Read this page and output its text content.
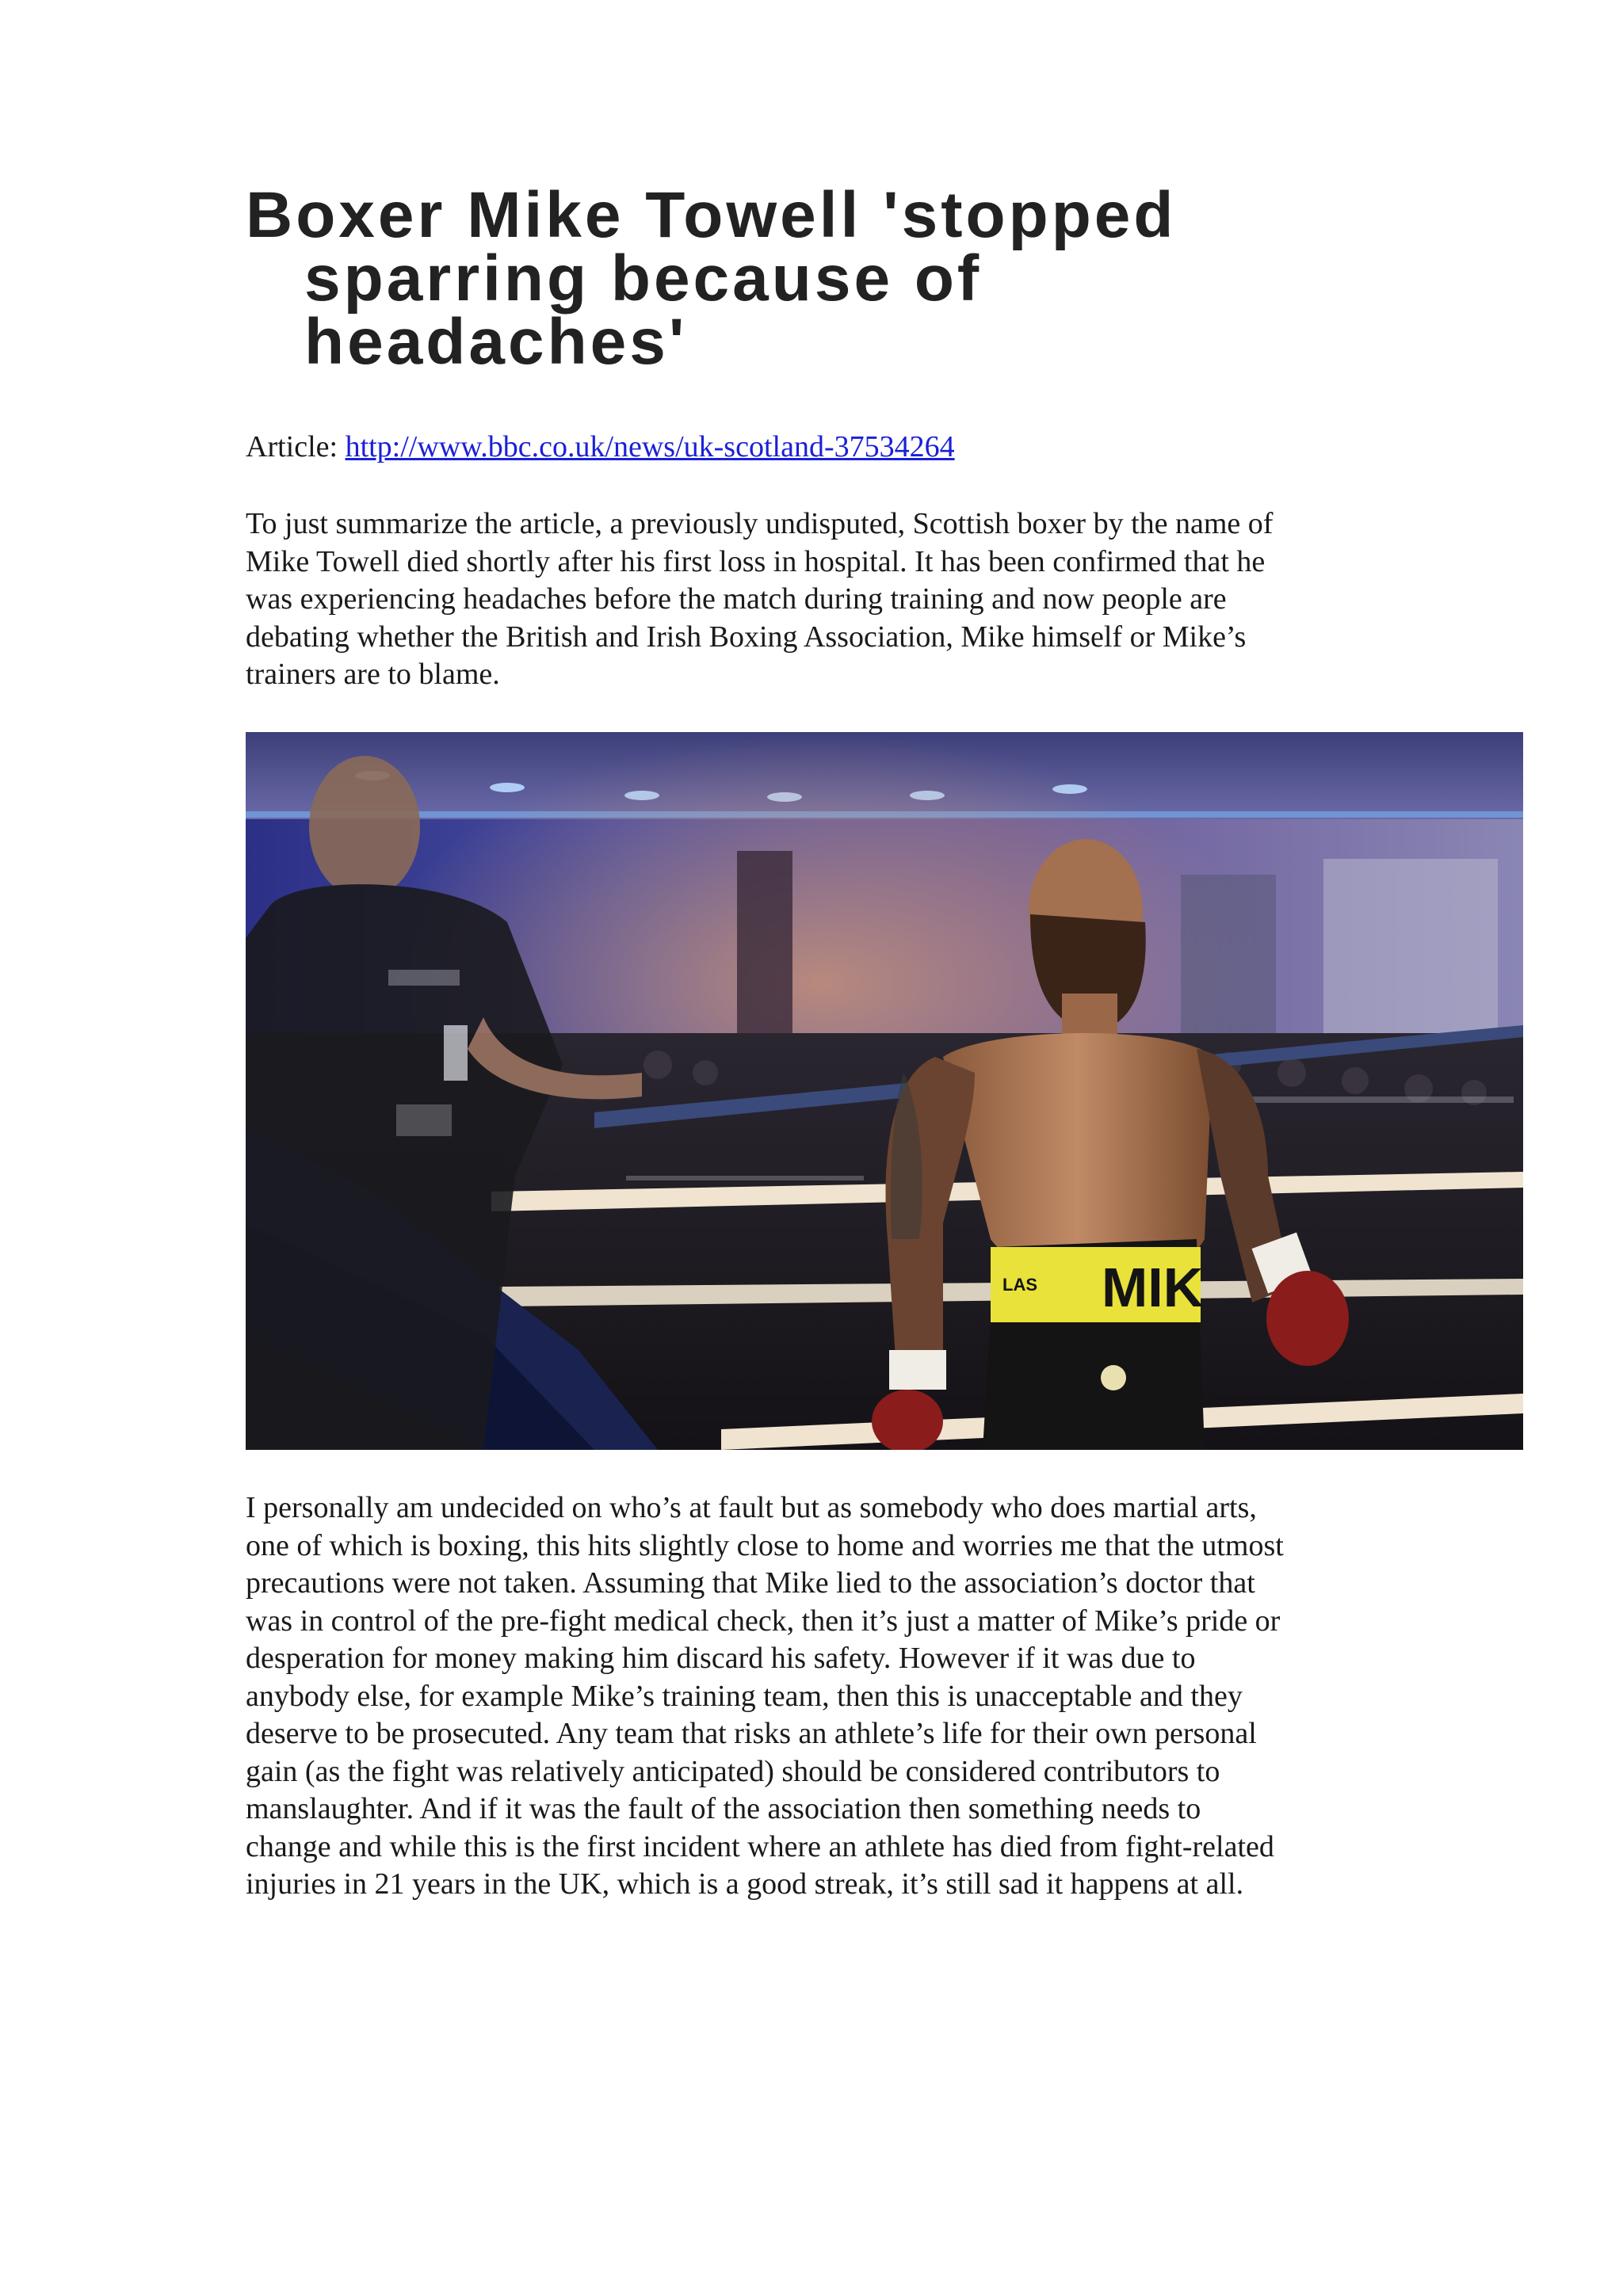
Boxer Mike Towell 'stopped
sparring because of
headaches'
Article: http://www.bbc.co.uk/news/uk-scotland-37534264
To just summarize the article, a previously undisputed, Scottish boxer by the name of
Mike Towell died shortly after his first loss in hospital. It has been confirmed that he
was experiencing headaches before the match during training and now people are
debating whether the British and Irish Boxing Association, Mike himself or Mike’s
trainers are to blame.
MIK
LAS
I personally am undecided on who’s at fault but as somebody who does martial arts,
one of which is boxing, this hits slightly close to home and worries me that the utmost
precautions were not taken. Assuming that Mike lied to the association’s doctor that
was in control of the pre-fight medical check, then it’s just a matter of Mike’s pride or
desperation for money making him discard his safety. However if it was due to
anybody else, for example Mike’s training team, then this is unacceptable and they
deserve to be prosecuted. Any team that risks an athlete’s life for their own personal
gain (as the fight was relatively anticipated) should be considered contributors to
manslaughter. And if it was the fault of the association then something needs to
change and while this is the first incident where an athlete has died from fight-related
injuries in 21 years in the UK, which is a good streak, it’s still sad it happens at all.
